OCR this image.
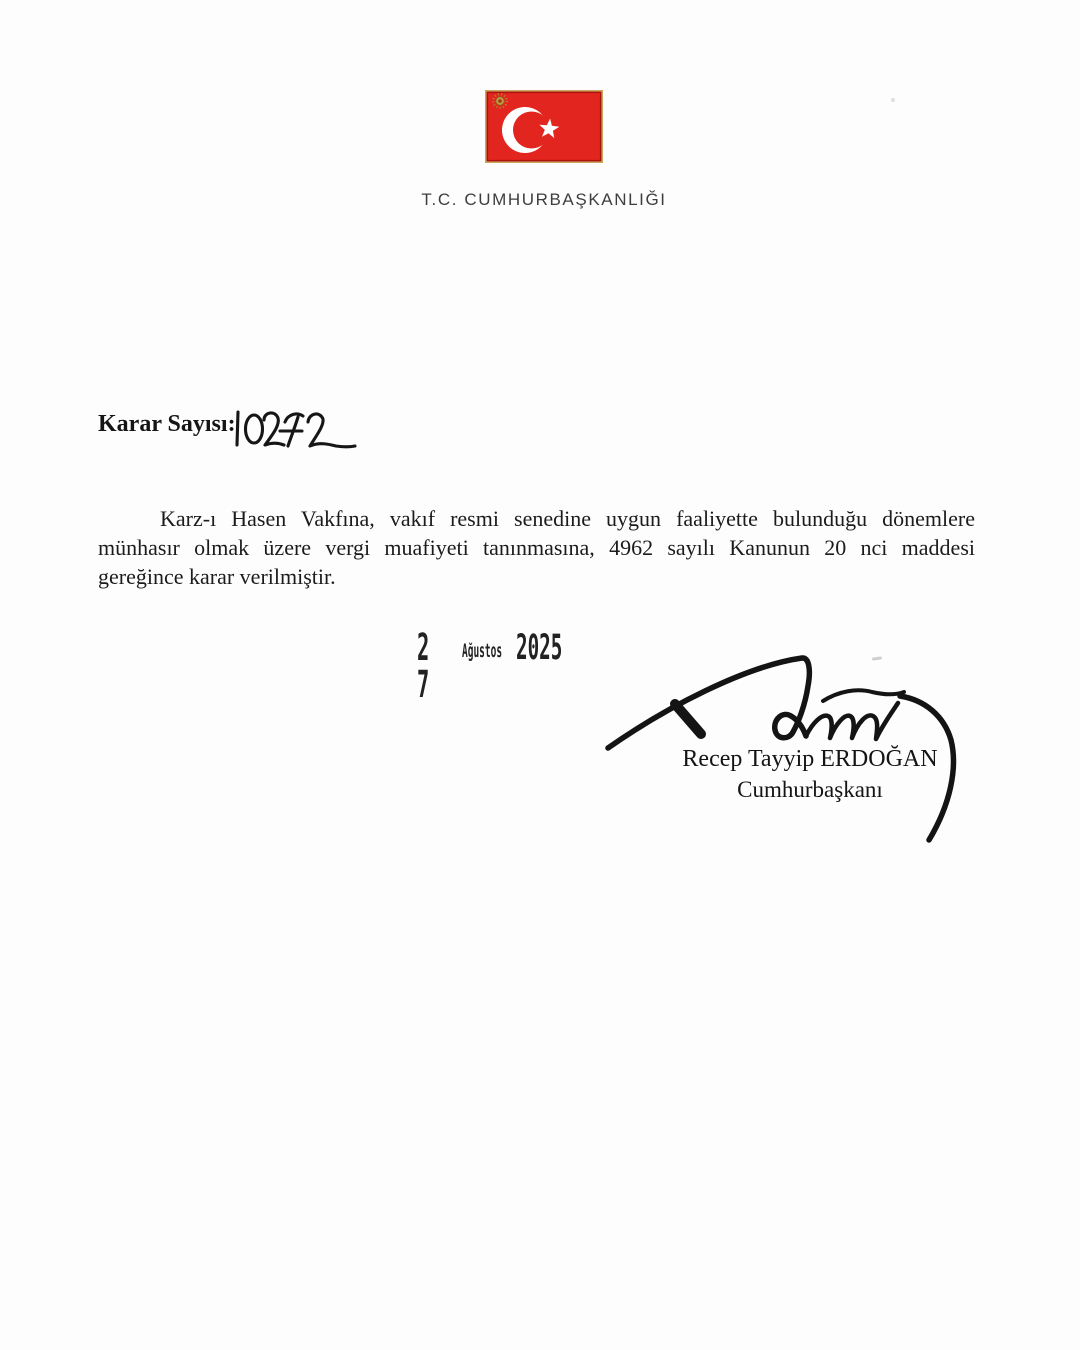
T.C. CUMHURBAŞKANLIĞI
Karar Sayısı:
Karz-ı Hasen Vakfına, vakıf resmi senedine uygun faaliyette bulunduğu dönemlere
münhasır olmak üzere vergi muafiyeti tanınmasına, 4962 sayılı Kanunun 20 nci maddesi
gereğince karar verilmiştir.
2 7
Ağustos 2025
Recep Tayyip ERDOĞAN
Cumhurbaşkanı
